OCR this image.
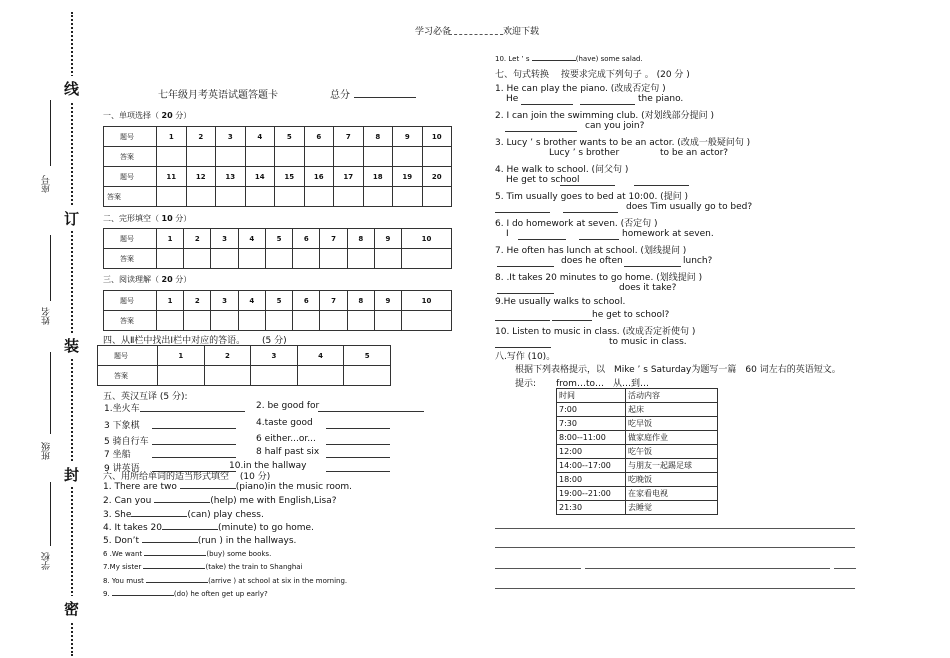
学习必备	欢迎下载
线
订
装
封
密
座号
姓名
班级
学校
七年级月考英语试题答题卡	总分
一、单项选择（ 20 分）
题号	1	2	3	4	5	6	7	8	9	10
答案										
题号	11	12	13	14	15	16	17	18	19	20
答案										
二、完形填空（ 10 分）
题号	1	2	3	4	5	6	7	8	9	10
答案										
三、阅读理解（ 20 分）
题号	1	2	3	4	5	6	7	8	9	10
答案										
四、从Ⅱ栏中找出Ⅰ栏中对应的答语。 (5 分)
题号	1	2	3	4	5
答案					
五、英汉互译 (5 分):
1.坐火车	2. be good for
3 下象棋	4.taste good
5 骑自行车	6 either...or...
7 坐船	8 half past six
9 讲英语	10.in the hallway
六、用所给单词的适当形式填空 (10 分)
1. There are two	(piano)in the music room.
2. Can you	(help) me with English,Lisa?
3. She	(can) play chess.
4. It takes 20	(minute) to go home.
5. Don’t	(run ) in the hallways.
6 .We want	(buy) some books.
7.My sister	(take) the train to Shanghai
8. You must	(arrive ) at school at six in the morning.
9.	(do) he often get up early?
10. Let ’ s	(have) some salad.
七、句式转换　 按要求完成下列句子 。 (20 分 )
1. He can play the piano. (改成否定句 )
He	the piano.
2. I can join the swimming club. (对划线部分提问 )
can you join?
3. Lucy ’ s brother wants to be an actor. (改成一般疑问句 )
Lucy ’ s brother	to be an actor?
4. He walk to school. (问父句 )
He get to school
5. Tim usually goes to bed at 10:00. (提问 )
does Tim usually go to bed?
6. I do homework at seven. (否定句 )
I	homework at seven.
7. He often has lunch at school. (划线提问 )
does he often	lunch?
8. .It takes 20 minutes to go home. (划线提问 )
does it take?
9.He usually walks to school.
he get to school?
10. Listen to music in class. (改成否定祈使句 )
to music in class.
八.写作 (10)。
根据下列表格提示，以　Mike ’ s Saturday为题写一篇　60 词左右的英语短文。
提示: from…to…　从…到…
时间	活动内容
7:00	起床
7:30	吃早饭
8:00--11:00	做家庭作业
12:00	吃午饭
14:00--17:00	与朋友一起踢足球
18:00	吃晚饭
19:00--21:00	在家看电视
21:30	去睡觉
